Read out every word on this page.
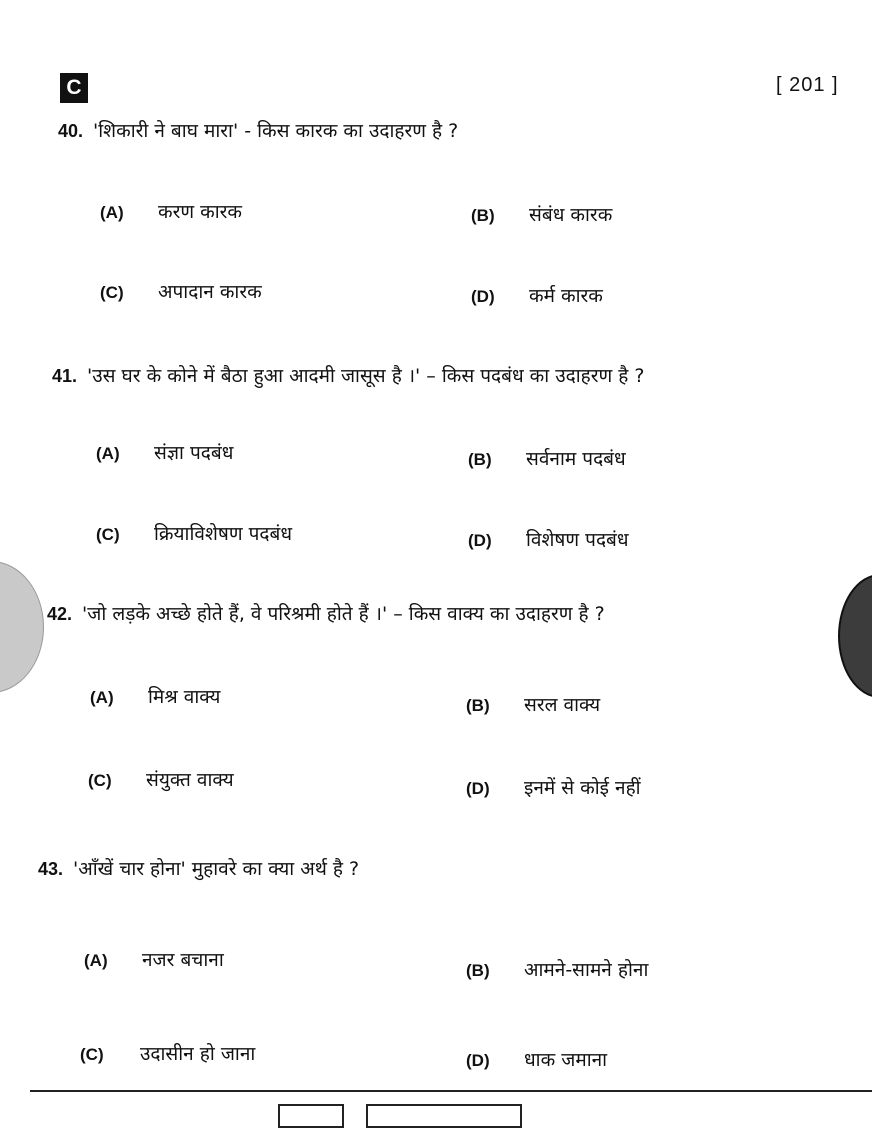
C	[ 201 ]
40. 'शिकारी ने बाघ मारा' - किस कारक का उदाहरण है ?
(A) करण कारक	(B) संबंध कारक
(C) अपादान कारक	(D) कर्म कारक
41. 'उस घर के कोने में बैठा हुआ आदमी जासूस है ।' – किस पदबंध का उदाहरण है ?
(A) संज्ञा पदबंध	(B) सर्वनाम पदबंध
(C) क्रियाविशेषण पदबंध	(D) विशेषण पदबंध
42. 'जो लड़के अच्छे होते हैं, वे परिश्रमी होते हैं ।' – किस वाक्य का उदाहरण है ?
(A) मिश्र वाक्य	(B) सरल वाक्य
(C) संयुक्त वाक्य	(D) इनमें से कोई नहीं
43. 'आँखें चार होना' मुहावरे का क्या अर्थ है ?
(A) नजर बचाना	(B) आमने-सामने होना
(C) उदासीन हो जाना	(D) धाक जमाना
